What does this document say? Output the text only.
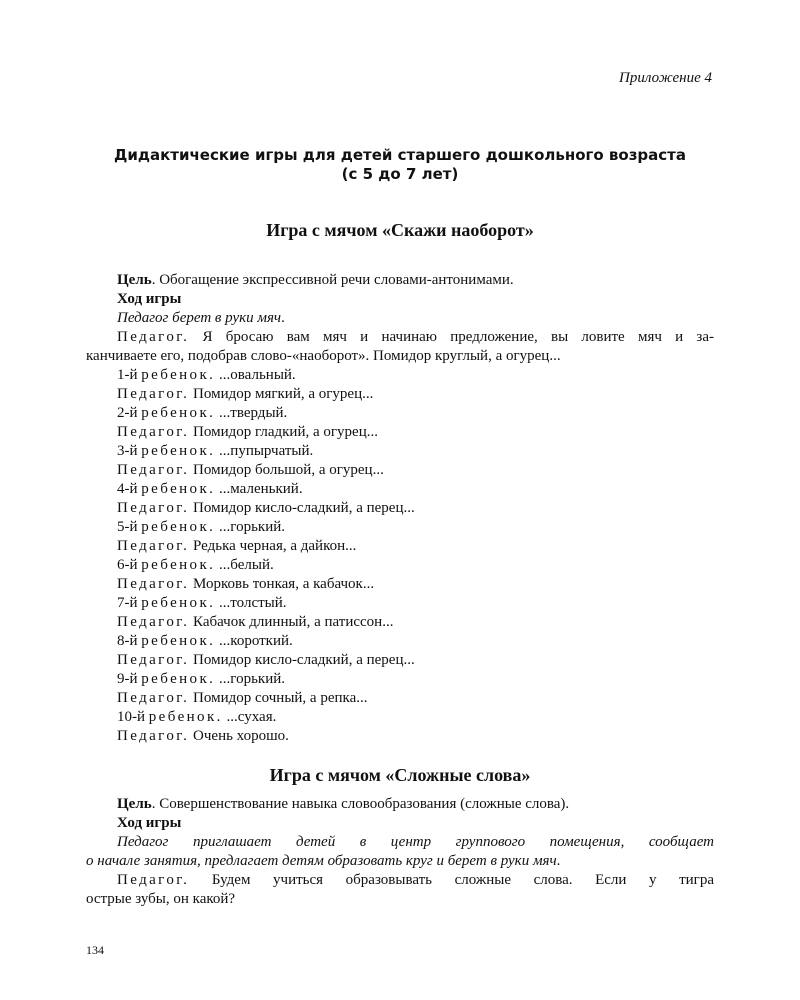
Приложение 4
Дидактические игры для детей старшего дошкольного возраста
(с 5 до 7 лет)
Игра с мячом «Скажи наоборот»

Цель. Обогащение экспрессивной речи словами-антонимами.

Ход игры

Педагог берет в руки мяч.

Педагог. Я бросаю вам мяч и начинаю предложение, вы ловите мяч и за-

канчиваете его, подобрав слово-«наоборот». Помидор круглый, а огурец...

1-й ребенок. ...овальный.

Педагог. Помидор мягкий, а огурец...

2-й ребенок. ...твердый.

Педагог. Помидор гладкий, а огурец...

3-й ребенок. ...пупырчатый.

Педагог. Помидор большой, а огурец...

4-й ребенок. ...маленький.

Педагог. Помидор кисло-сладкий, а перец...

5-й ребенок. ...горький.

Педагог. Редька черная, а дайкон...

6-й ребенок. ...белый.

Педагог. Морковь тонкая, а кабачок...

7-й ребенок. ...толстый.

Педагог. Кабачок длинный, а патиссон...

8-й ребенок. ...короткий.

Педагог. Помидор кисло-сладкий, а перец...

9-й ребенок. ...горький.

Педагог. Помидор сочный, а репка...

10-й ребенок. ...сухая.

Педагог. Очень хорошо.

Игра с мячом «Сложные слова»

Цель. Совершенствование навыка словообразования (сложные слова).

Ход игры

Педагог приглашает детей в центр группового помещения, сообщает

о начале занятия, предлагает детям образовать круг и берет в руки мяч.

Педагог. Будем учиться образовывать сложные слова. Если у тигра

острые зубы, он какой?

134
